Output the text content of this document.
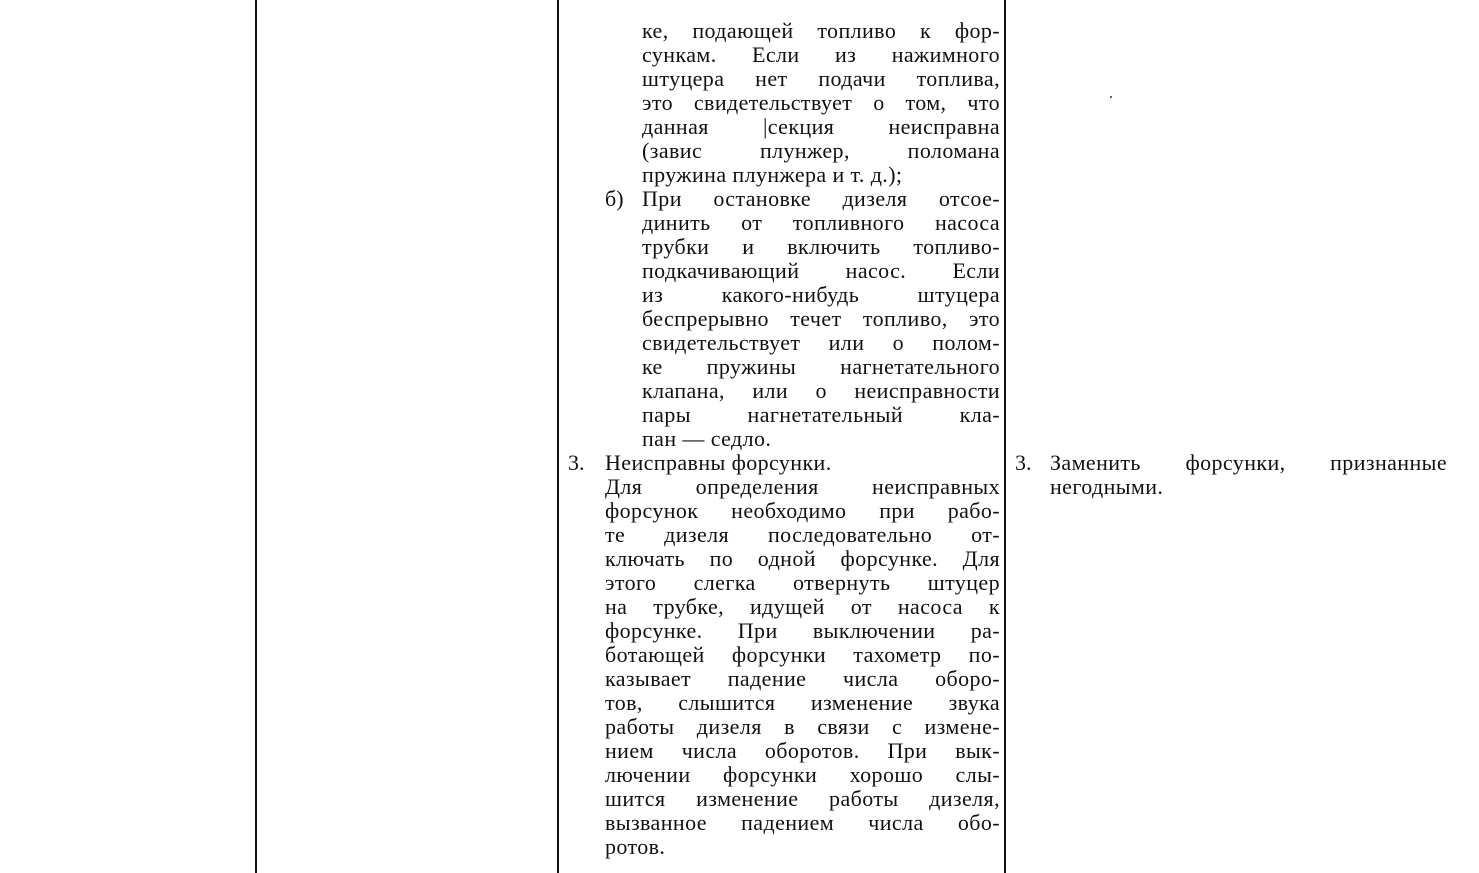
ке, подающей топливо к фор-
сункам. Если из нажимного
штуцера нет подачи топлива,
это свидетельствует о том, что
данная |секция неисправна
(завис плунжер, поломана
пружина плунжера и т. д.);
б) При остановке дизеля отсое-
динить от топливного насоса
трубки и включить топливо-
подкачивающий насос. Если
из какого-нибудь штуцера
беспрерывно течет топливо, это
свидетельствует или о полом-
ке пружины нагнетательного
клапана, или о неисправности
пары нагнетательный кла-
пан — седло.
3. Неисправны форсунки.
Для определения неисправных
форсунок необходимо при рабо-
те дизеля последовательно от-
ключать по одной форсунке. Для
этого слегка отвернуть штуцер
на трубке, идущей от насоса к
форсунке. При выключении ра-
ботающей форсунки тахометр по-
казывает падение числа оборо-
тов, слышится изменение звука
работы дизеля в связи с измене-
нием числа оборотов. При вык-
лючении форсунки хорошо слы-
шится изменение работы дизеля,
вызванное падением числа обо-
ротов.
3. Заменить форсунки, признанные
негодными.
